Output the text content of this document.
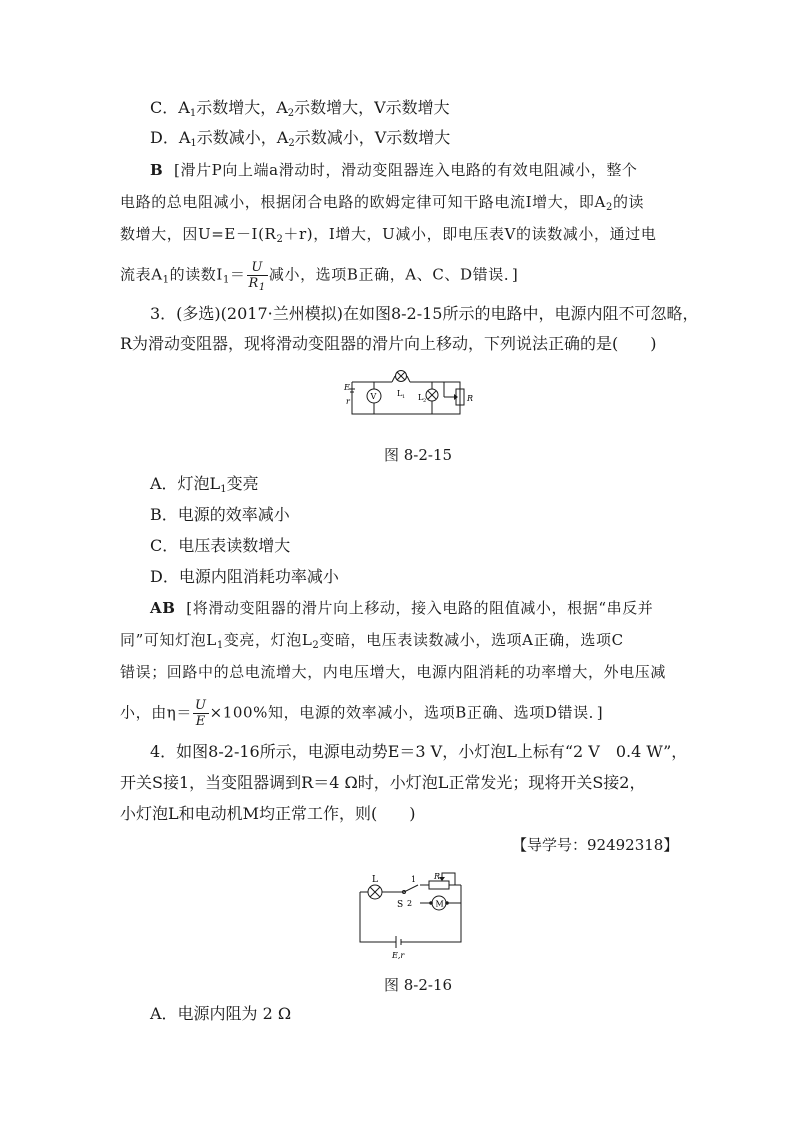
C．$A_1$示数增大，$A_2$示数增大，V示数增大
D．$A_1$示数减小，$A_2$示数减小，V示数增大
B [滑片P向上端a滑动时，滑动变阻器连入电路的有效电阻减小，整个
电路的总电阻减小，根据闭合电路的欧姆定律可知干路电流I增大，即$A_2$的读
数增大，因$U=E-I(R_2+r)$，I增大，U减小，即电压表V的读数减小，通过电
流表$A_1$的读数$I_1= \frac{U}{R_1}$ 减小，选项B正确，A、C、D错误．]
3．(多选)(2017·兰州模拟)在如图8-2-15所示的电路中，电源内阻不可忽略，
R为滑动变阻器，现将滑动变阻器的滑片向上移动，下列说法正确的是(　　)
E
r
V	L 1 L 2	R
图 8-2-15
A．灯泡$L_1$变亮
B．电源的效率减小
C．电压表读数增大
D．电源内阻消耗功率减小
AB [将滑动变阻器的滑片向上移动，接入电路的阻值减小，根据“串反并
同”可知灯泡$L_1$变亮，灯泡$L_2$变暗，电压表读数减小，选项A正确，选项C
错误；回路中的总电流增大，内电压增大，电源内阻消耗的功率增大，外电压减
小，由$\eta= \frac{U}{E} \times 100\%$知，电源的效率减小，选项B正确、选项D错误．]
4．如图8-2-16所示，电源电动势E＝3 V，小灯泡L上标有“2 V　0.4 W”，
开关S接1，当变阻器调到R＝4 Ω时，小灯泡L正常发光；现将开关S接2，
小灯泡L和电动机M均正常工作，则(　　)
【导学号：92492318】
L
S
1
2
R
M
E,r
图 8-2-16
A．电源内阻为 2 Ω
